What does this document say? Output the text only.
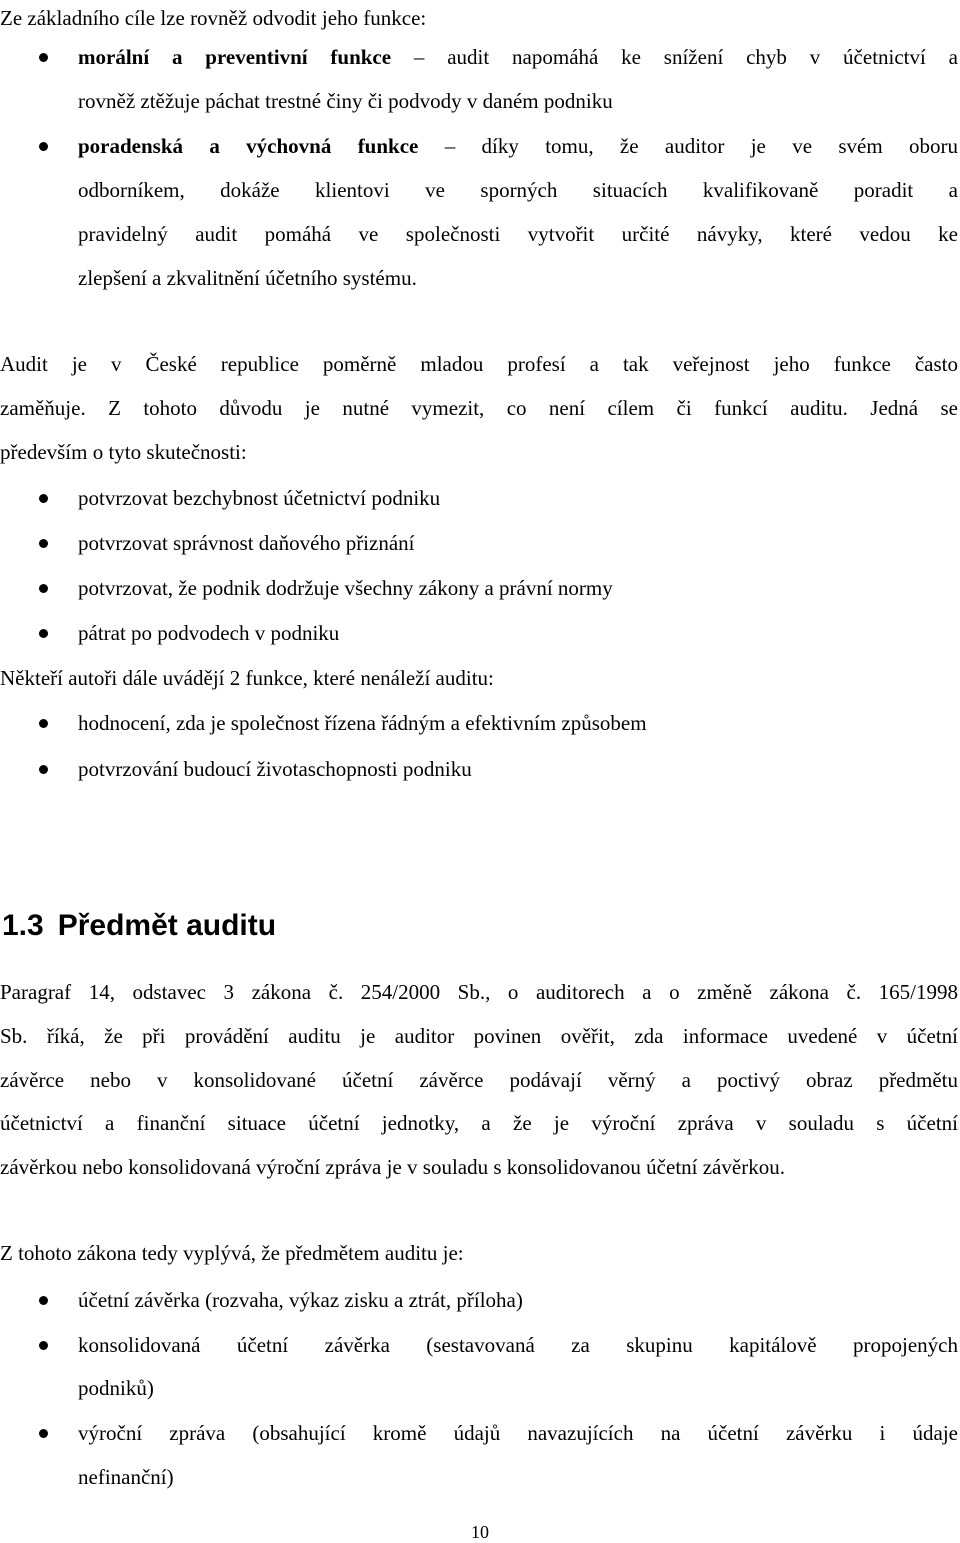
Ze základního cíle lze rovněž odvodit jeho funkce:

morální a preventivní funkce – audit napomáhá ke snížení chyb v účetnictví a

rovněž ztěžuje páchat trestné činy či podvody v daném podniku

poradenská a výchovná funkce – díky tomu, že auditor je ve svém oboru

odborníkem, dokáže klientovi ve sporných situacích kvalifikovaně poradit a

pravidelný audit pomáhá ve společnosti vytvořit určité návyky, které vedou ke

zlepšení a zkvalitnění účetního systému.

Audit je v České republice poměrně mladou profesí a tak veřejnost jeho funkce často

zaměňuje. Z tohoto důvodu je nutné vymezit, co není cílem či funkcí auditu. Jedná se

především o tyto skutečnosti:

potvrzovat bezchybnost účetnictví podniku

potvrzovat správnost daňového přiznání

potvrzovat, že podnik dodržuje všechny zákony a právní normy

pátrat po podvodech v podniku

Někteří autoři dále uvádějí 2 funkce, které nenáleží auditu:

hodnocení, zda je společnost řízena řádným a efektivním způsobem

potvrzování budoucí životaschopnosti podniku

1.3 Předmět auditu

Paragraf 14, odstavec 3 zákona č. 254/2000 Sb., o auditorech a o změně zákona č. 165/1998

Sb. říká, že při provádění auditu je auditor povinen ověřit, zda informace uvedené v účetní

závěrce nebo v konsolidované účetní závěrce podávají věrný a poctivý obraz předmětu

účetnictví a finanční situace účetní jednotky, a že je výroční zpráva v souladu s účetní

závěrkou nebo konsolidovaná výroční zpráva je v souladu s konsolidovanou účetní závěrkou.

Z tohoto zákona tedy vyplývá, že předmětem auditu je:

účetní závěrka (rozvaha, výkaz zisku a ztrát, příloha)

konsolidovaná účetní závěrka (sestavovaná za skupinu kapitálově propojených

podniků)

výroční zpráva (obsahující kromě údajů navazujících na účetní závěrku i údaje

nefinanční)

10
